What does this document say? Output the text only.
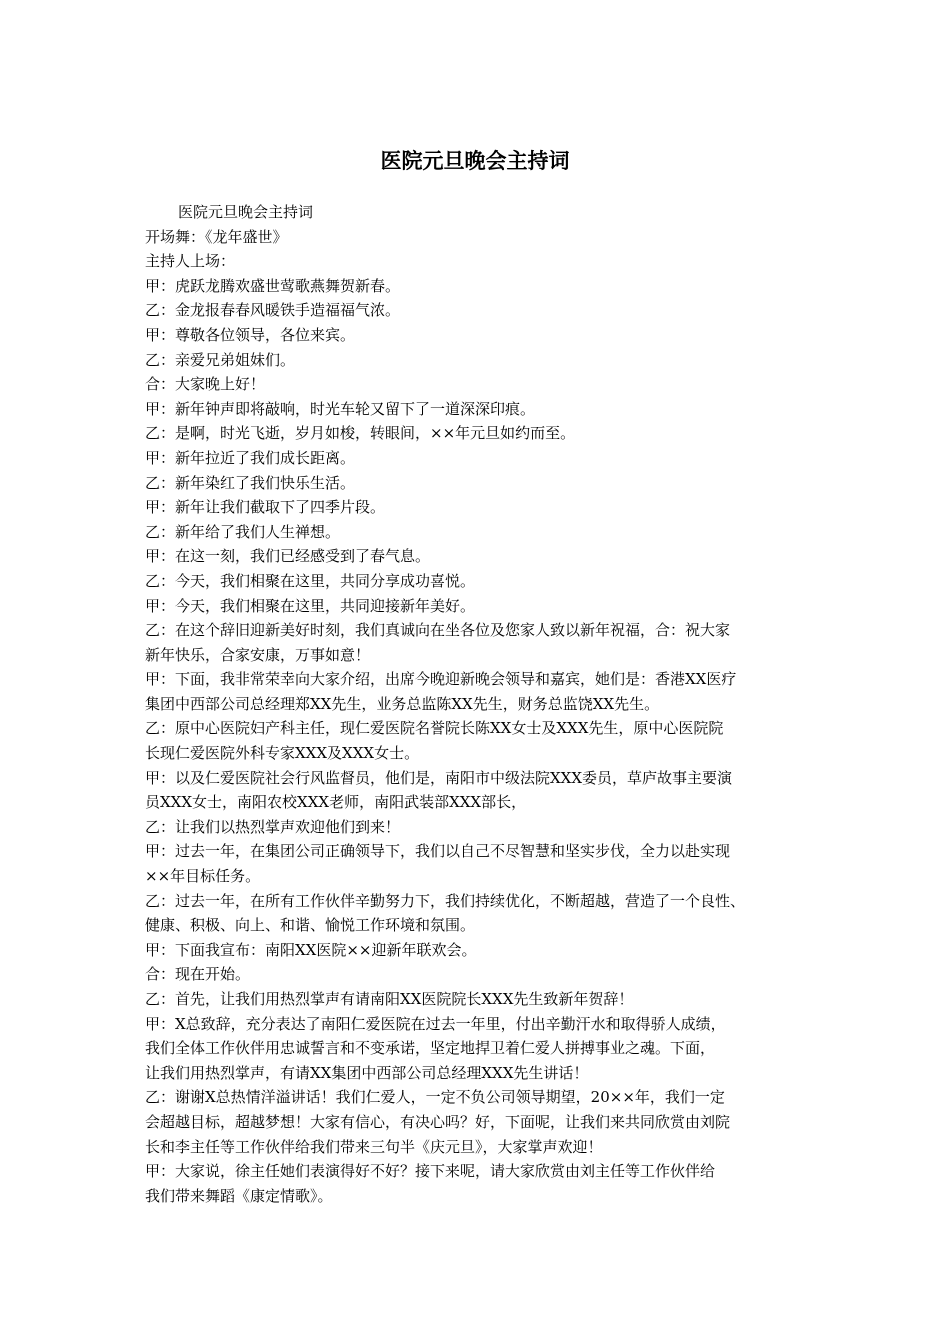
医院元旦晚会主持词
医院元旦晚会主持词
开场舞：《龙年盛世》
主持人上场：
甲：虎跃龙腾欢盛世莺歌燕舞贺新春。
乙：金龙报春春风暖铁手造福福气浓。
甲：尊敬各位领导，各位来宾。
乙：亲爱兄弟姐妹们。
合：大家晚上好！
甲：新年钟声即将敲响，时光车轮又留下了一道深深印痕。
乙：是啊，时光飞逝，岁月如梭，转眼间，××年元旦如约而至。
甲：新年拉近了我们成长距离。
乙：新年染红了我们快乐生活。
甲：新年让我们截取下了四季片段。
乙：新年给了我们人生禅想。
甲：在这一刻，我们已经感受到了春气息。
乙：今天，我们相聚在这里，共同分享成功喜悦。
甲：今天，我们相聚在这里，共同迎接新年美好。
乙：在这个辞旧迎新美好时刻，我们真诚向在坐各位及您家人致以新年祝福，合：祝大家
新年快乐，合家安康，万事如意！
甲：下面，我非常荣幸向大家介绍，出席今晚迎新晚会领导和嘉宾，她们是：香港XX医疗
集团中西部公司总经理郑XX先生，业务总监陈XX先生，财务总监饶XX先生。
乙：原中心医院妇产科主任，现仁爱医院名誉院长陈XX女士及XXX先生，原中心医院院
长现仁爱医院外科专家XXX及XXX女士。
甲：以及仁爱医院社会行风监督员，他们是，南阳市中级法院XXX委员，草庐故事主要演
员XXX女士，南阳农校XXX老师，南阳武装部XXX部长，
乙：让我们以热烈掌声欢迎他们到来！
甲：过去一年，在集团公司正确领导下，我们以自己不尽智慧和坚实步伐，全力以赴实现
××年目标任务。
乙：过去一年，在所有工作伙伴辛勤努力下，我们持续优化，不断超越，营造了一个良性、
健康、积极、向上、和谐、愉悦工作环境和氛围。
甲：下面我宣布：南阳XX医院××迎新年联欢会。
合：现在开始。
乙：首先，让我们用热烈掌声有请南阳XX医院院长XXX先生致新年贺辞！
甲：X总致辞，充分表达了南阳仁爱医院在过去一年里，付出辛勤汗水和取得骄人成绩，
我们全体工作伙伴用忠诚誓言和不变承诺，坚定地捍卫着仁爱人拼搏事业之魂。下面，
让我们用热烈掌声，有请XX集团中西部公司总经理XXX先生讲话！
乙：谢谢X总热情洋溢讲话！我们仁爱人，一定不负公司领导期望，20××年，我们一定
会超越目标，超越梦想！大家有信心，有决心吗？好，下面呢，让我们来共同欣赏由刘院
长和李主任等工作伙伴给我们带来三句半《庆元旦》，大家掌声欢迎！
甲：大家说，徐主任她们表演得好不好？接下来呢，请大家欣赏由刘主任等工作伙伴给
我们带来舞蹈《康定情歌》。
